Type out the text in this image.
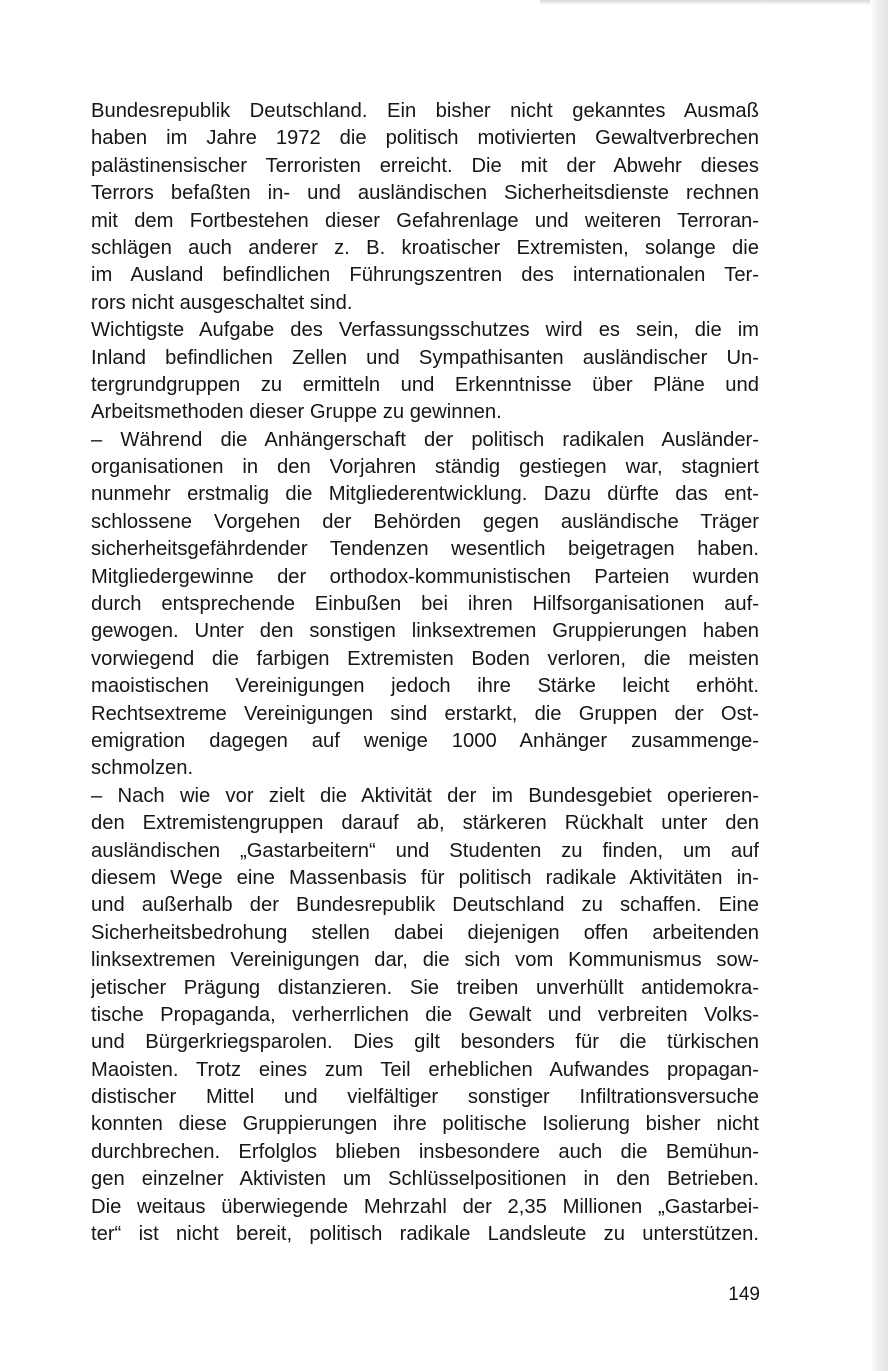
Bundesrepublik Deutschland. Ein bisher nicht gekanntes Ausmaß
haben im Jahre 1972 die politisch motivierten Gewaltverbrechen
palästinensischer Terroristen erreicht. Die mit der Abwehr dieses
Terrors befaßten in- und ausländischen Sicherheitsdienste rechnen
mit dem Fortbestehen dieser Gefahrenlage und weiteren Terroran-
schlägen auch anderer z. B. kroatischer Extremisten, solange die
im Ausland befindlichen Führungszentren des internationalen Ter-
rors nicht ausgeschaltet sind.
Wichtigste Aufgabe des Verfassungsschutzes wird es sein, die im
Inland befindlichen Zellen und Sympathisanten ausländischer Un-
tergrundgruppen zu ermitteln und Erkenntnisse über Pläne und
Arbeitsmethoden dieser Gruppe zu gewinnen.
– Während die Anhängerschaft der politisch radikalen Ausländer-
organisationen in den Vorjahren ständig gestiegen war, stagniert
nunmehr erstmalig die Mitgliederentwicklung. Dazu dürfte das ent-
schlossene Vorgehen der Behörden gegen ausländische Träger
sicherheitsgefährdender Tendenzen wesentlich beigetragen haben.
Mitgliedergewinne der orthodox-kommunistischen Parteien wurden
durch entsprechende Einbußen bei ihren Hilfsorganisationen auf-
gewogen. Unter den sonstigen linksextremen Gruppierungen haben
vorwiegend die farbigen Extremisten Boden verloren, die meisten
maoistischen Vereinigungen jedoch ihre Stärke leicht erhöht.
Rechtsextreme Vereinigungen sind erstarkt, die Gruppen der Ost-
emigration dagegen auf wenige 1000 Anhänger zusammenge-
schmolzen.
– Nach wie vor zielt die Aktivität der im Bundesgebiet operieren-
den Extremistengruppen darauf ab, stärkeren Rückhalt unter den
ausländischen „Gastarbeitern“ und Studenten zu finden, um auf
diesem Wege eine Massenbasis für politisch radikale Aktivitäten in-
und außerhalb der Bundesrepublik Deutschland zu schaffen. Eine
Sicherheitsbedrohung stellen dabei diejenigen offen arbeitenden
linksextremen Vereinigungen dar, die sich vom Kommunismus sow-
jetischer Prägung distanzieren. Sie treiben unverhüllt antidemokra-
tische Propaganda, verherrlichen die Gewalt und verbreiten Volks-
und Bürgerkriegsparolen. Dies gilt besonders für die türkischen
Maoisten. Trotz eines zum Teil erheblichen Aufwandes propagan-
distischer Mittel und vielfältiger sonstiger Infiltrationsversuche
konnten diese Gruppierungen ihre politische Isolierung bisher nicht
durchbrechen. Erfolglos blieben insbesondere auch die Bemühun-
gen einzelner Aktivisten um Schlüsselpositionen in den Betrieben.
Die weitaus überwiegende Mehrzahl der 2,35 Millionen „Gastarbei-
ter“ ist nicht bereit, politisch radikale Landsleute zu unterstützen.
149
